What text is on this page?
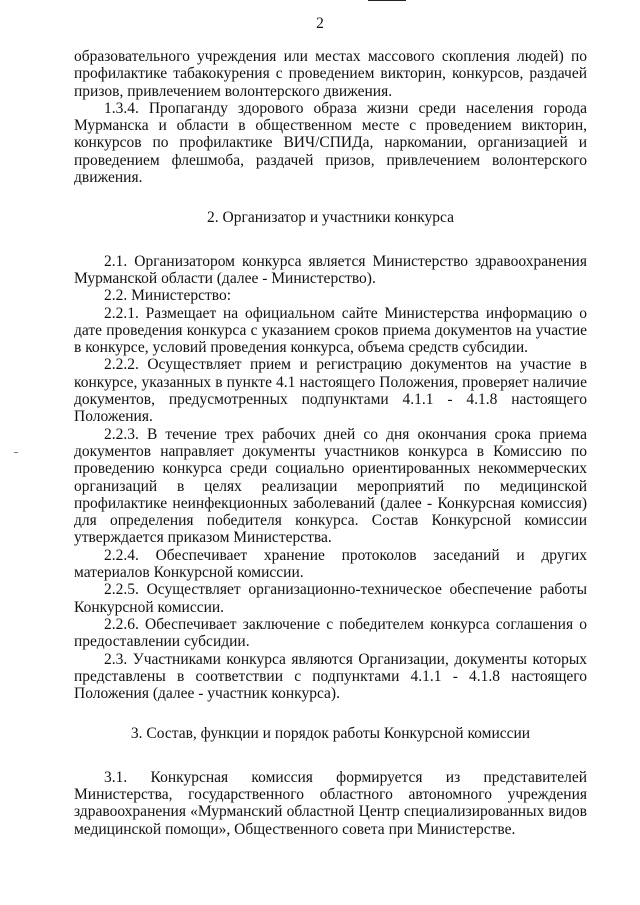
2

образовательного учреждения или местах массового скопления людей) по профилактике табакокурения с проведением викторин, конкурсов, раздачей призов, привлечением волонтерского движения.

1.3.4. Пропаганду здорового образа жизни среди населения города Мурманска и области в общественном месте с проведением викторин, конкурсов по профилактике ВИЧ/СПИДа, наркомании, организацией и проведением флешмоба, раздачей призов, привлечением волонтерского движения.

2. Организатор и участники конкурса

2.1. Организатором конкурса является Министерство здравоохранения Мурманской области (далее - Министерство).

2.2. Министерство:

2.2.1. Размещает на официальном сайте Министерства информацию о дате проведения конкурса с указанием сроков приема документов на участие в конкурсе, условий проведения конкурса, объема средств субсидии.

2.2.2. Осуществляет прием и регистрацию документов на участие в конкурсе, указанных в пункте 4.1 настоящего Положения, проверяет наличие документов, предусмотренных подпунктами 4.1.1 - 4.1.8 настоящего Положения.

2.2.3. В течение трех рабочих дней со дня окончания срока приема документов направляет документы участников конкурса в Комиссию по проведению конкурса среди социально ориентированных некоммерческих организаций в целях реализации мероприятий по медицинской профилактике неинфекционных заболеваний (далее - Конкурсная комиссия) для определения победителя конкурса. Состав Конкурсной комиссии утверждается приказом Министерства.

2.2.4. Обеспечивает хранение протоколов заседаний и других материалов Конкурсной комиссии.

2.2.5. Осуществляет организационно-техническое обеспечение работы Конкурсной комиссии.

2.2.6. Обеспечивает заключение с победителем конкурса соглашения о предоставлении субсидии.

2.3. Участниками конкурса являются Организации, документы которых представлены в соответствии с подпунктами 4.1.1 - 4.1.8 настоящего Положения (далее - участник конкурса).

3. Состав, функции и порядок работы Конкурсной комиссии

3.1. Конкурсная комиссия формируется из представителей Министерства, государственного областного автономного учреждения здравоохранения «Мурманский областной Центр специализированных видов медицинской помощи», Общественного совета при Министерстве.
